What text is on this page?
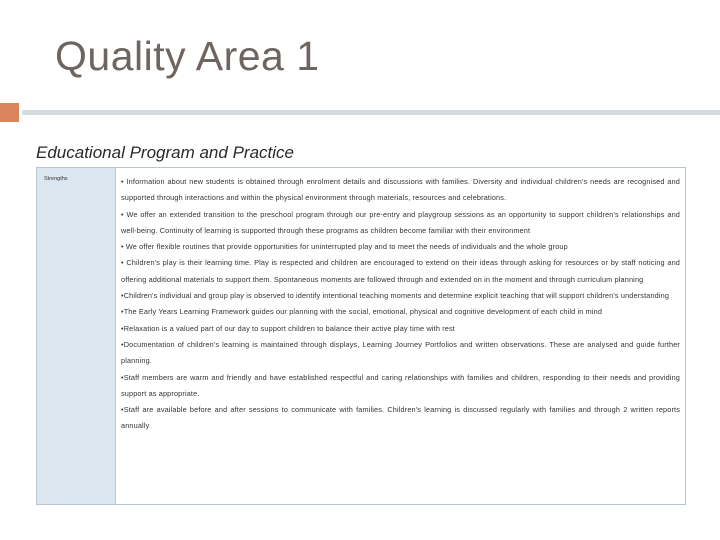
Quality Area 1
Educational Program and Practice
Strengths	• Information about new students is obtained through enrolment details and discussions with families. Diversity and individual children's needs are recognised and supported through interactions and within the physical environment through materials, resources and celebrations.
• We offer an extended transition to the preschool program through our pre-entry and playgroup sessions as an opportunity to support children's relationships and well-being. Continuity of learning is supported through these programs as children become familiar with their environment
• We offer flexible routines that provide opportunities for uninterrupted play and to meet the needs of individuals and the whole group
• Children's play is their learning time. Play is respected and children are encouraged to extend on their ideas through asking for resources or by staff noticing and offering additional materials to support them. Spontaneous moments are followed through and extended on in the moment and through curriculum planning
•Children's individual and group play is observed to identify intentional teaching moments and determine explicit teaching that will support children's understanding
•The Early Years Learning Framework guides our planning with the social, emotional, physical and cognitive development of each child in mind
•Relaxation is a valued part of our day to support children to balance their active play time with rest
•Documentation of children's learning is maintained through displays, Learning Journey Portfolios and written observations. These are analysed and guide further planning.
•Staff members are warm and friendly and have established respectful and caring relationships with families and children, responding to their needs and providing support as appropriate.
•Staff are available before and after sessions to communicate with families. Children's learning is discussed regularly with families and through 2 written reports annually
